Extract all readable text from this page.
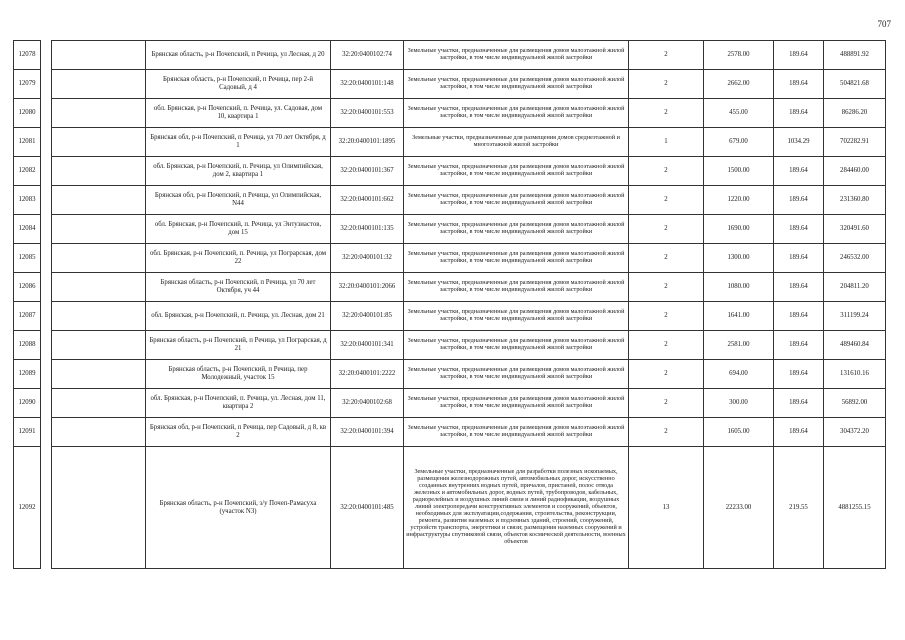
707
12078			Брянская область, р-н Почепский, п Речица, ул Лесная, д 20	32:20:0400102:74	Земельные участки, предназначенные для размещения домов малоэтажной жилой застройки, в том числе индивидуальной жилой застройки	2	2578.00	189.64	488891.92
12079			Брянская область, р-н Почепский, п Речица, пер 2-й Садовый, д 4	32:20:0400101:148	Земельные участки, предназначенные для размещения домов малоэтажной жилой застройки, в том числе индивидуальной жилой застройки	2	2662.00	189.64	504821.68
12080			обл. Брянская, р-н Почепский, п. Речица, ул. Садовая, дом 10, квартира 1	32:20:0400101:553	Земельные участки, предназначенные для размещения домов малоэтажной жилой застройки, в том числе индивидуальной жилой застройки	2	455.00	189.64	86286.20
12081			Брянская обл, р-н Почепский, п Речица, ул 70 лет Октября, д 1	32:20:0400101:1895	Земельные участки, предназначенные для размещения домов среднеэтажной и многоэтажной жилой застройки	1	679.00	1034.29	702282.91
12082			обл. Брянская, р-н Почепский, п. Речица, ул Олимпийская, дом 2, квартира 1	32:20:0400101:367	Земельные участки, предназначенные для размещения домов малоэтажной жилой застройки, в том числе индивидуальной жилой застройки	2	1500.00	189.64	284460.00
12083			Брянская обл, р-н Почепский, п Речица, ул Олимпийская, N44	32:20:0400101:662	Земельные участки, предназначенные для размещения домов малоэтажной жилой застройки, в том числе индивидуальной жилой застройки	2	1220.00	189.64	231360.80
12084			обл. Брянская, р-н Почепский, п. Речица, ул Энтузиастов, дом 15	32:20:0400101:135	Земельные участки, предназначенные для размещения домов малоэтажной жилой застройки, в том числе индивидуальной жилой застройки	2	1690.00	189.64	320491.60
12085			обл. Брянская, р-н Почепский, п. Речица, ул Пограрская, дом 22	32:20:0400101:32	Земельные участки, предназначенные для размещения домов малоэтажной жилой застройки, в том числе индивидуальной жилой застройки	2	1300.00	189.64	246532.00
12086			Брянская область, р-н Почепский, п Речица, ул 70 лет Октября, уч 44	32:20:0400101:2066	Земельные участки, предназначенные для размещения домов малоэтажной жилой застройки, в том числе индивидуальной жилой застройки	2	1080.00	189.64	204811.20
12087			обл. Брянская, р-н Почепский, п. Речица, ул. Лесная, дом 21	32:20:0400101:85	Земельные участки, предназначенные для размещения домов малоэтажной жилой застройки, в том числе индивидуальной жилой застройки	2	1641.00	189.64	311199.24
12088			Брянская область, р-н Почепский, п Речица, ул Пограрская, д 21	32:20:0400101:341	Земельные участки, предназначенные для размещения домов малоэтажной жилой застройки, в том числе индивидуальной жилой застройки	2	2581.00	189.64	489460.84
12089			Брянская область, р-н Почепский, п Речица, пер Молодежный, участок 15	32:20:0400101:2222	Земельные участки, предназначенные для размещения домов малоэтажной жилой застройки, в том числе индивидуальной жилой застройки	2	694.00	189.64	131610.16
12090			обл. Брянская, р-н Почепский, п. Речица, ул. Лесная, дом 11, квартира 2	32:20:0400102:68	Земельные участки, предназначенные для размещения домов малоэтажной жилой застройки, в том числе индивидуальной жилой застройки	2	300.00	189.64	56892.00
12091			Брянская обл, р-н Почепский, п Речица, пер Садовый, д 8, кв 2	32:20:0400101:394	Земельные участки, предназначенные для размещения домов малоэтажной жилой застройки, в том числе индивидуальной жилой застройки	2	1605.00	189.64	304372.20
12092			Брянская область, р-н Почепский, з/у Почеп-Рамасуха (участок N3)	32:20:0400101:485	Земельные участки, предназначенные для разработки полезных ископаемых, размещения железнодорожных путей, автомобильных дорог, искусственно созданных внутренних водных путей, причалов, пристаней, полос отвода железных и автомобильных дорог, водных путей, трубопроводов, кабельных, радиорелейных и воздушных линий связи и линий радиофикации, воздушных линий электропередачи конструктивных элементов и сооружений, объектов, необходимых для эксплуатации,содержания, строительства, реконструкции, ремонта, развития наземных и подземных зданий, строений, сооружений, устройств транспорта, энергетики и связи; размещения наземных сооружений и инфраструктуры спутниковой связи, объектов космической деятельности, военных объектов	13	22233.00	219.55	4881255.15
